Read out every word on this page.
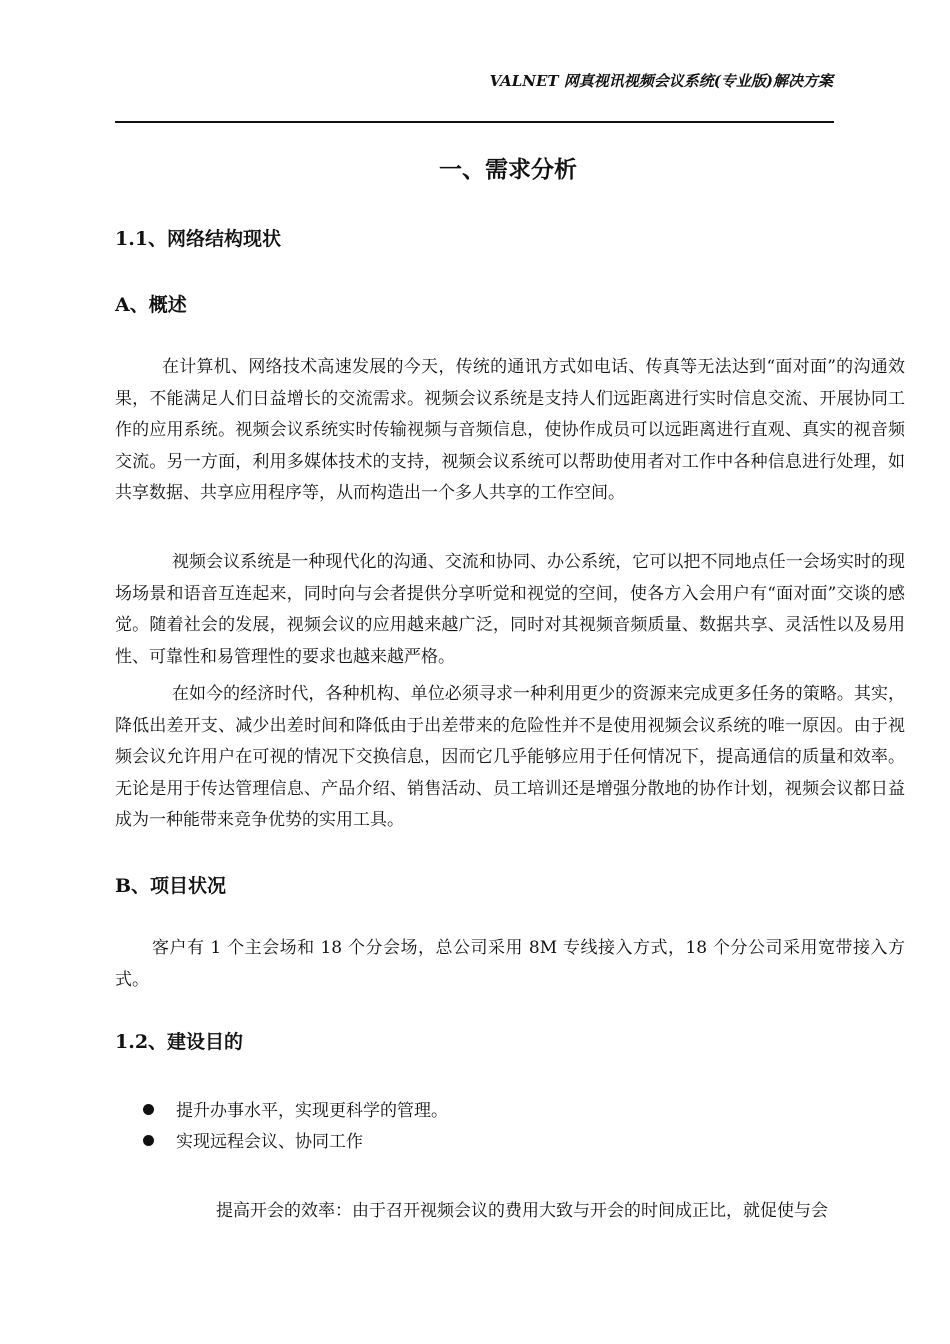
VALNET 网真视讯视频会议系统(专业版)解决方案
一、需求分析
1.1、网络结构现状
A、概述

在计算机、网络技术高速发展的今天，传统的通讯方式如电话、传真等无法达到“面对面”的沟通效果，不能满足人们日益增长的交流需求。视频会议系统是支持人们远距离进行实时信息交流、开展协同工作的应用系统。视频会议系统实时传输视频与音频信息，使协作成员可以远距离进行直观、真实的视音频交流。另一方面，利用多媒体技术的支持，视频会议系统可以帮助使用者对工作中各种信息进行处理，如共享数据、共享应用程序等，从而构造出一个多人共享的工作空间。

视频会议系统是一种现代化的沟通、交流和协同、办公系统，它可以把不同地点任一会场实时的现场场景和语音互连起来，同时向与会者提供分享听觉和视觉的空间，使各方入会用户有“面对面”交谈的感觉。随着社会的发展，视频会议的应用越来越广泛，同时对其视频音频质量、数据共享、灵活性以及易用性、可靠性和易管理性的要求也越来越严格。

在如今的经济时代，各种机构、单位必须寻求一种利用更少的资源来完成更多任务的策略。其实，降低出差开支、减少出差时间和降低由于出差带来的危险性并不是使用视频会议系统的唯一原因。由于视频会议允许用户在可视的情况下交换信息，因而它几乎能够应用于任何情况下，提高通信的质量和效率。无论是用于传达管理信息、产品介绍、销售活动、员工培训还是增强分散地的协作计划，视频会议都日益成为一种能带来竞争优势的实用工具。

B、项目状况

客户有 1 个主会场和 18 个分会场，总公司采用 8M 专线接入方式，18 个分公司采用宽带接入方式。

1.2、建设目的
提升办事水平，实现更科学的管理。
实现远程会议、协同工作
提高开会的效率：由于召开视频会议的费用大致与开会的时间成正比，就促使与会
